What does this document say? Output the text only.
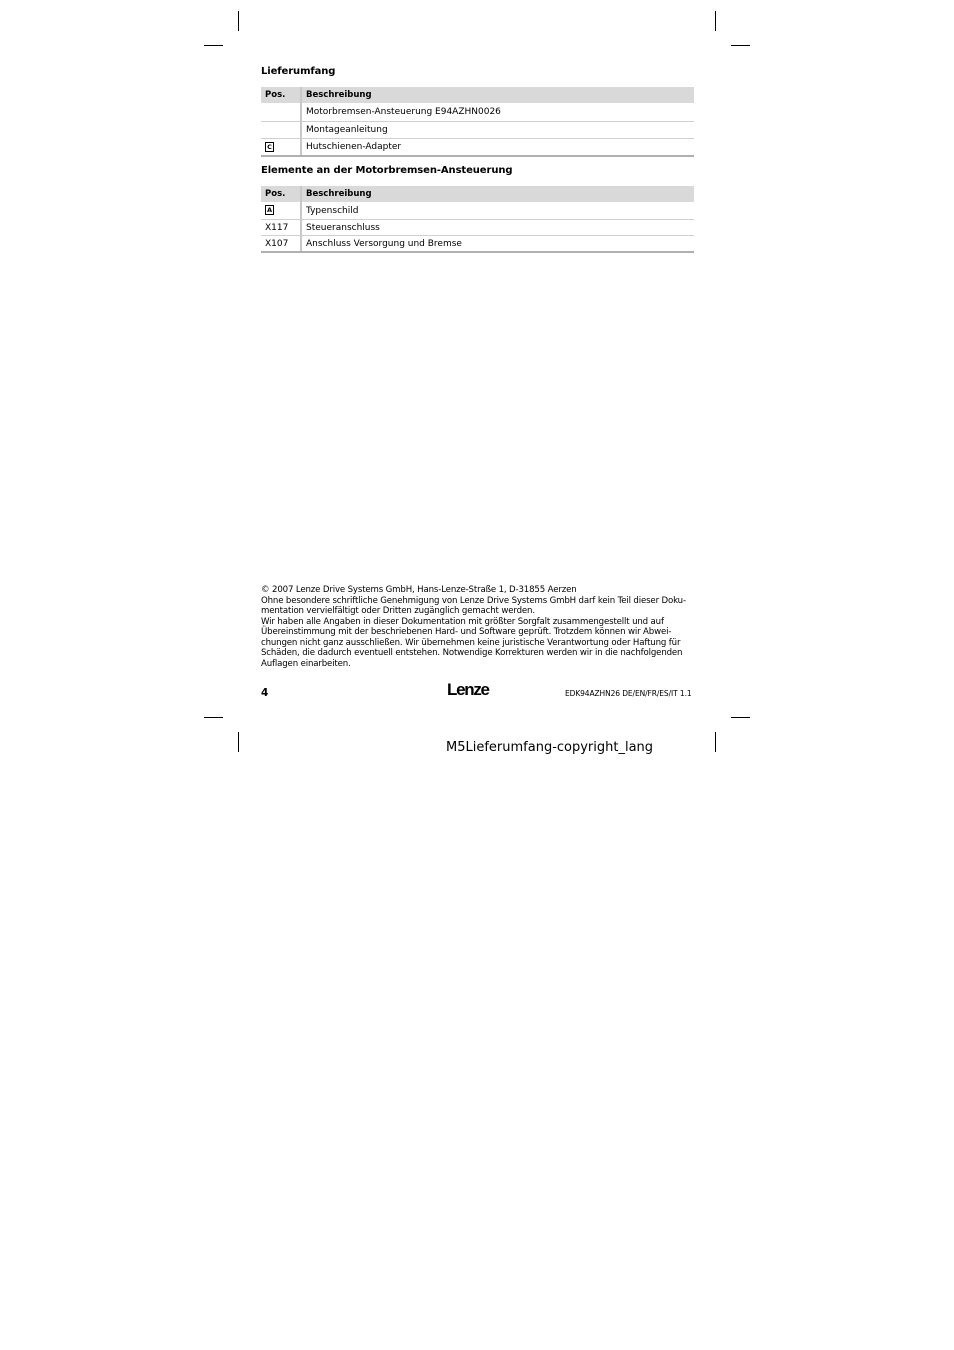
Lieferumfang
Pos.	Beschreibung
	Motorbremsen-Ansteuerung E94AZHN0026
	Montageanleitung
C	Hutschienen-Adapter
Elemente an der Motorbremsen-Ansteuerung
Pos.	Beschreibung
A	Typenschild
X117	Steueranschluss
X107	Anschluss Versorgung und Bremse
© 2007 Lenze Drive Systems GmbH, Hans-Lenze-Straße 1, D-31855 Aerzen
Ohne besondere schriftliche Genehmigung von Lenze Drive Systems GmbH darf kein Teil dieser Doku-
mentation vervielfältigt oder Dritten zugänglich gemacht werden.
Wir haben alle Angaben in dieser Dokumentation mit größter Sorgfalt zusammengestellt und auf
Übereinstimmung mit der beschriebenen Hard- und Software geprüft. Trotzdem können wir Abwei-
chungen nicht ganz ausschließen. Wir übernehmen keine juristische Verantwortung oder Haftung für
Schäden, die dadurch eventuell entstehen. Notwendige Korrekturen werden wir in die nachfolgenden
Auflagen einarbeiten.
4	Lenze	EDK94AZHN26 DE/EN/FR/ES/IT 1.1
M5Lieferumfang-copyright_lang
